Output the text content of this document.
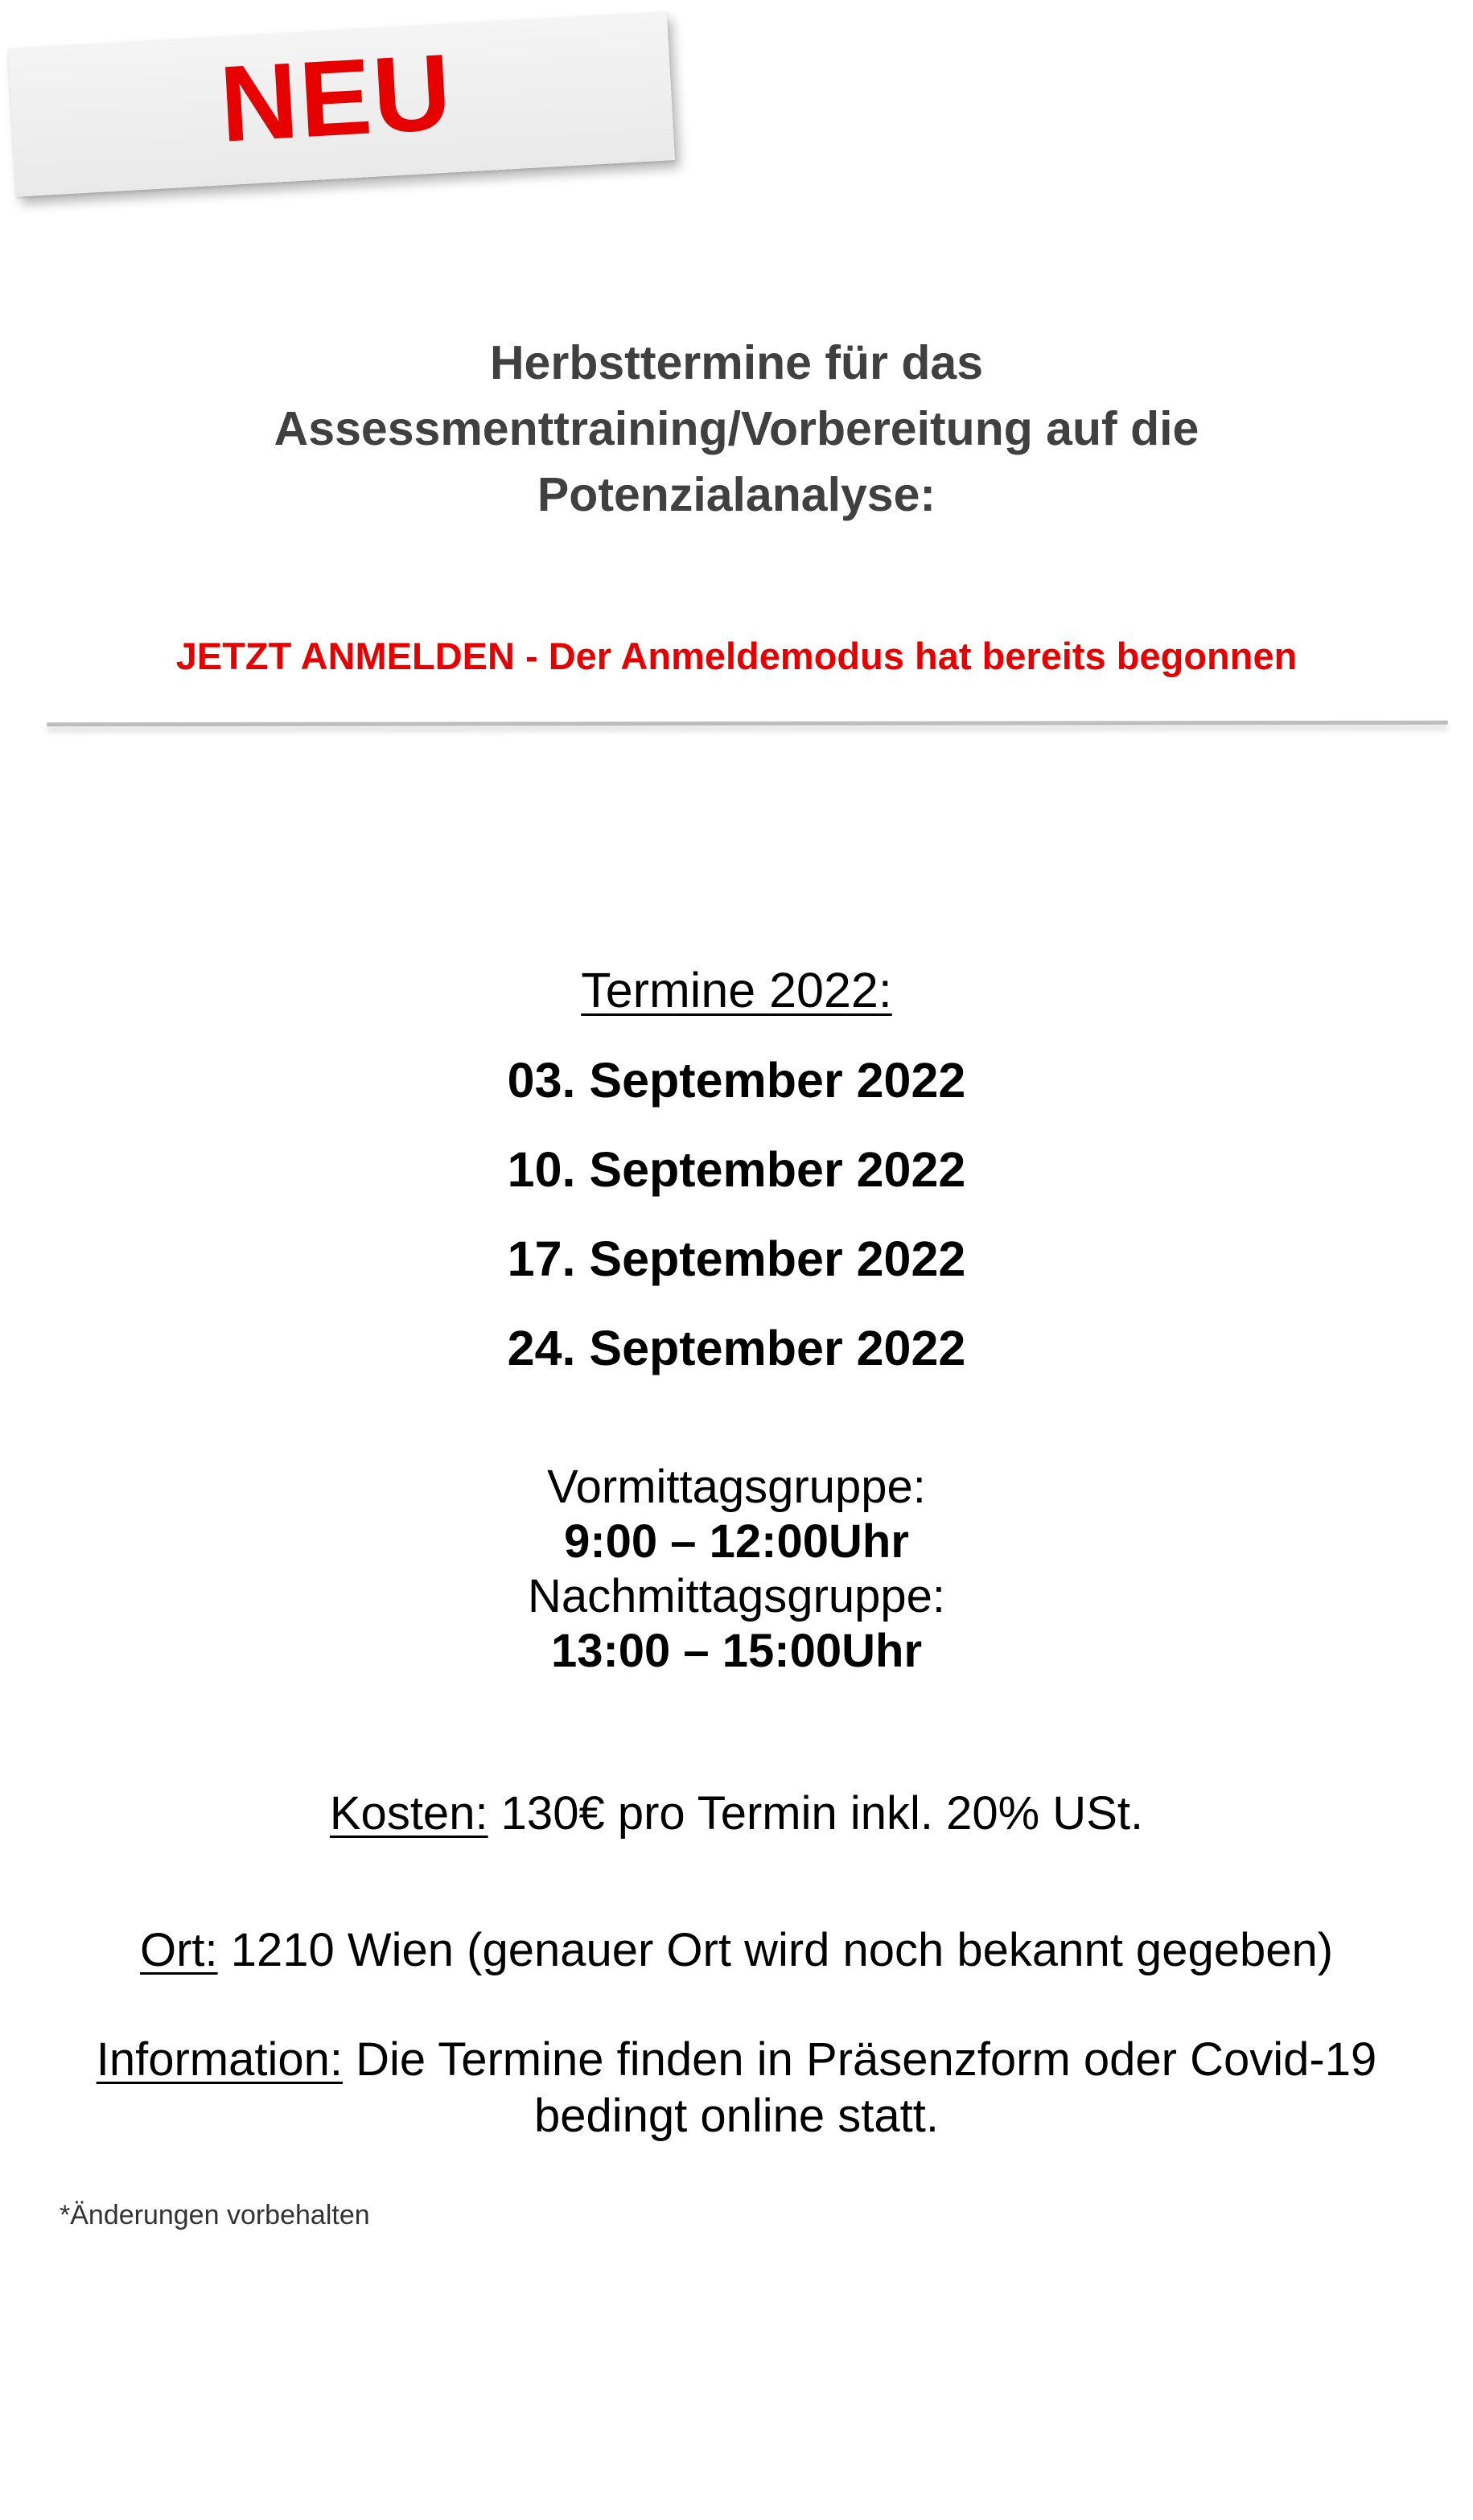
NEU

Herbsttermine für das
Assessmenttraining/Vorbereitung auf die
Potenzialanalyse:

JETZT ANMELDEN - Der Anmeldemodus hat bereits begonnen

Termine 2022:

03. September 2022

10. September 2022

17. September 2022

24. September 2022

Vormittagsgruppe:
9:00 – 12:00Uhr
Nachmittagsgruppe:
13:00 – 15:00Uhr

Kosten: 130€ pro Termin inkl. 20% USt.

Ort: 1210 Wien (genauer Ort wird noch bekannt gegeben)

Information: Die Termine finden in Präsenzform oder Covid-19
bedingt online statt.

*Änderungen vorbehalten
